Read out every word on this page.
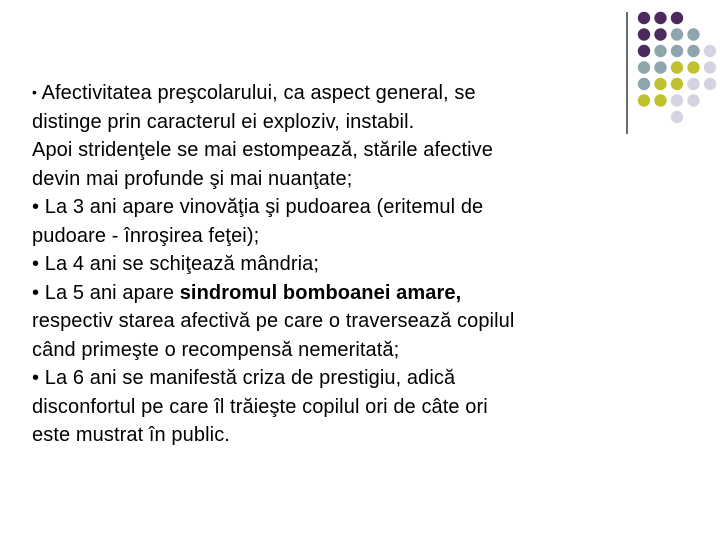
• Afectivitatea preşcolarului, ca aspect general, se
distinge prin caracterul ei exploziv, instabil.
Apoi stridenţele se mai estompează, stările afective
devin mai profunde şi mai nuanţate;
• La 3 ani apare vinovăţia şi pudoarea (eritemul de
pudoare - înroşirea feţei);
• La 4 ani se schiţează mândria;
• La 5 ani apare sindromul bomboanei amare,
respectiv starea afectivă pe care o traversează copilul
când primeşte o recompensă nemeritată;
• La 6 ani se manifestă criza de prestigiu, adică
disconfortul pe care îl trăieşte copilul ori de câte ori
este mustrat în public.
